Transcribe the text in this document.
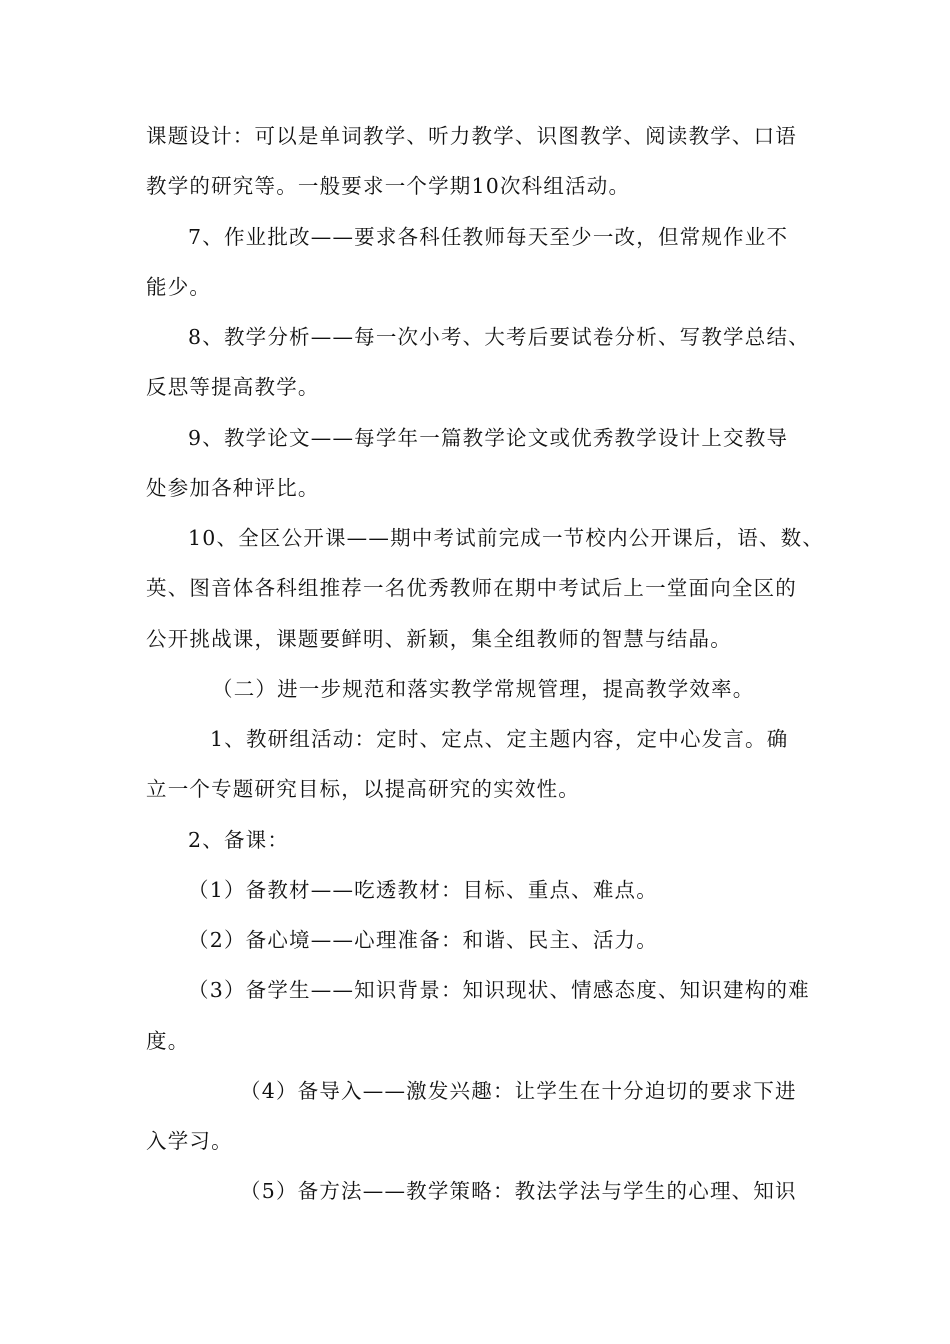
课题设计：可以是单词教学、听力教学、识图教学、阅读教学、口语
教学的研究等。一般要求一个学期10次科组活动。
7、作业批改——要求各科任教师每天至少一改，但常规作业不
能少。
8、教学分析——每一次小考、大考后要试卷分析、写教学总结、
反思等提高教学。
9、教学论文——每学年一篇教学论文或优秀教学设计上交教导
处参加各种评比。
10、全区公开课——期中考试前完成一节校内公开课后，语、数、
英、图音体各科组推荐一名优秀教师在期中考试后上一堂面向全区的
公开挑战课，课题要鲜明、新颖，集全组教师的智慧与结晶。
（二）进一步规范和落实教学常规管理，提高教学效率。
1、教研组活动：定时、定点、定主题内容，定中心发言。确
立一个专题研究目标，以提高研究的实效性。
2、备课：
（1）备教材——吃透教材：目标、重点、难点。
（2）备心境——心理准备：和谐、民主、活力。
（3）备学生——知识背景：知识现状、情感态度、知识建构的难
度。
（4）备导入——激发兴趣：让学生在十分迫切的要求下进
入学习。
（5）备方法——教学策略：教法学法与学生的心理、知识
